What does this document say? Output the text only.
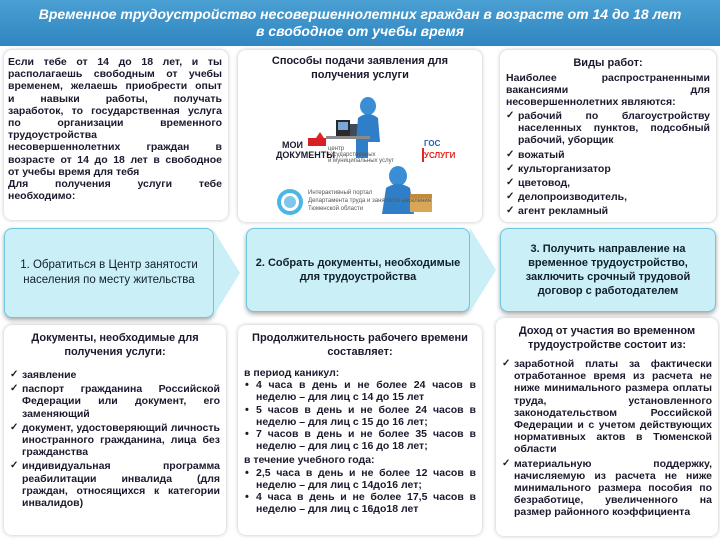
Временное трудоустройство несовершеннолетних граждан в возрасте от 14 до 18 лет в свободное от учебы время
Если тебе от 14 до 18 лет, и ты
располагаешь свободным от учебы
временем, желаешь приобрести опыт
и навыки работы, получать
заработок, то государственная услуга
по организации временного
трудоустройства
несовершеннолетних граждан в
возрасте от 14 до 18 лет в свободное
от учебы время для тебя
Для получения услуги тебе
необходимо:
Способы подачи заявления для получения услуги
ГОС
УСЛУГИ
МОИ
ДОКУМЕНТЫ
центр
государственных
и муниципальных услуг
Интерактивный портал
Департамента труда и занятости населения
Тюменской области
Виды работ:
Наиболее распространенными
вакансиями для
несовершеннолетних являются:
✓ рабочий по благоустройству населенных пунктов, подсобный рабочий, уборщик
✓ вожатый
✓ культорганизатор
✓ цветовод,
✓ делопроизводитель,
✓ агент рекламный
1. Обратиться в Центр занятости населения по месту жительства
2. Собрать документы, необходимые для трудоустройства
3. Получить направление на временное трудоустройство, заключить срочный трудовой договор с работодателем
Документы, необходимые для получения услуги:
✓ заявление
✓ паспорт гражданина Российской Федерации или документ, его заменяющий
✓ документ, удостоверяющий личность иностранного гражданина, лица без гражданства
✓ индивидуальная программа реабилитации инвалида (для граждан, относящихся к категории инвалидов)
Продолжительность рабочего времени составляет:
в период каникул:
• 4 часа в день и не более 24 часов в неделю – для лиц с 14 до 15 лет
• 5 часов в день и не более 24 часов в неделю – для лиц с 15 до 16 лет;
• 7 часов в день и не более 35 часов в неделю – для лиц с 16 до 18 лет;
в течение учебного года:
• 2,5 часа в день и не более 12 часов в неделю – для лиц с 14до16 лет;
• 4 часа в день и не более 17,5 часов в неделю – для лиц с 16до18 лет
Доход от участия во временном трудоустройстве состоит из:
✓ заработной платы за фактически отработанное время из расчета не ниже минимального размера оплаты труда, установленного законодательством Российской Федерации и с учетом действующих нормативных актов в Тюменской области
✓ материальную поддержку, начисляемую из расчета не ниже минимального размера пособия по безработице, увеличенного на размер районного коэффициента
